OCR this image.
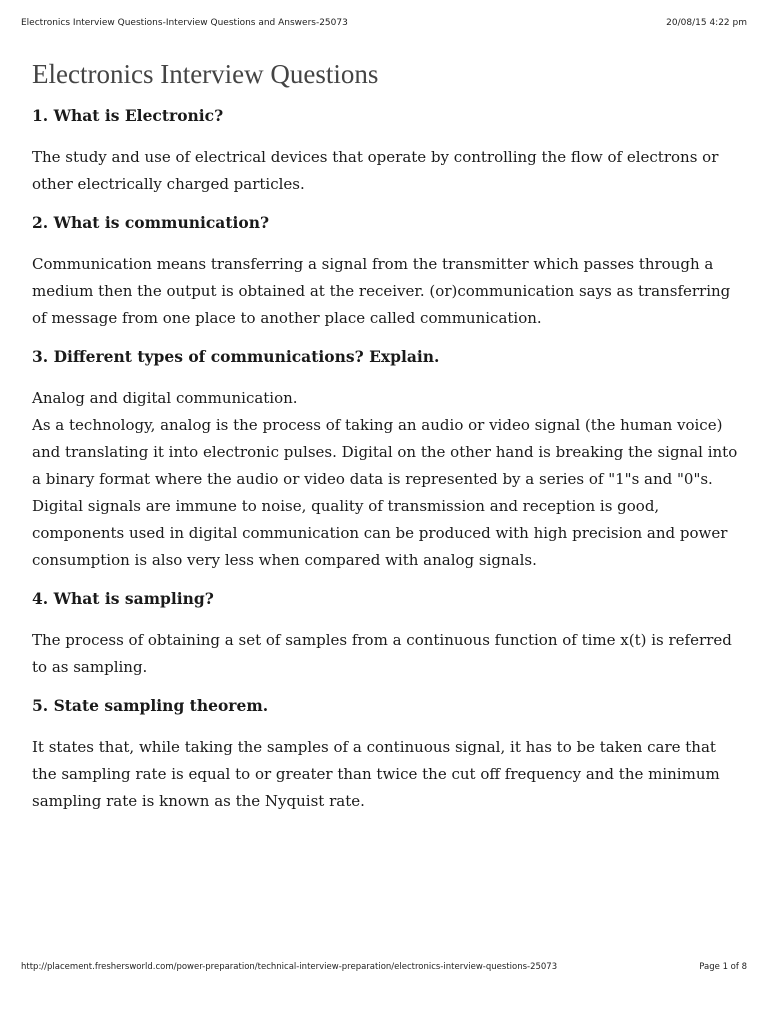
Electronics Interview Questions-Interview Questions and Answers-25073	20/08/15 4:22 pm
Electronics Interview Questions
1. What is Electronic?

The study and use of electrical devices that operate by controlling the flow of electrons or other electrically charged particles.

2. What is communication?

Communication means transferring a signal from the transmitter which passes through a medium then the output is obtained at the receiver. (or)communication says as transferring of message from one place to another place called communication.

3. Different types of communications? Explain.

Analog and digital communication.
As a technology, analog is the process of taking an audio or video signal (the human voice) and translating it into electronic pulses. Digital on the other hand is breaking the signal into a binary format where the audio or video data is represented by a series of "1"s and "0"s.
Digital signals are immune to noise, quality of transmission and reception is good, components used in digital communication can be produced with high precision and power consumption is also very less when compared with analog signals.

4. What is sampling?

The process of obtaining a set of samples from a continuous function of time x(t) is referred to as sampling.

5. State sampling theorem.

It states that, while taking the samples of a continuous signal, it has to be taken care that the sampling rate is equal to or greater than twice the cut off frequency and the minimum sampling rate is known as the Nyquist rate.

http://placement.freshersworld.com/power-preparation/technical-interview-preparation/electronics-interview-questions-25073	Page 1 of 8
